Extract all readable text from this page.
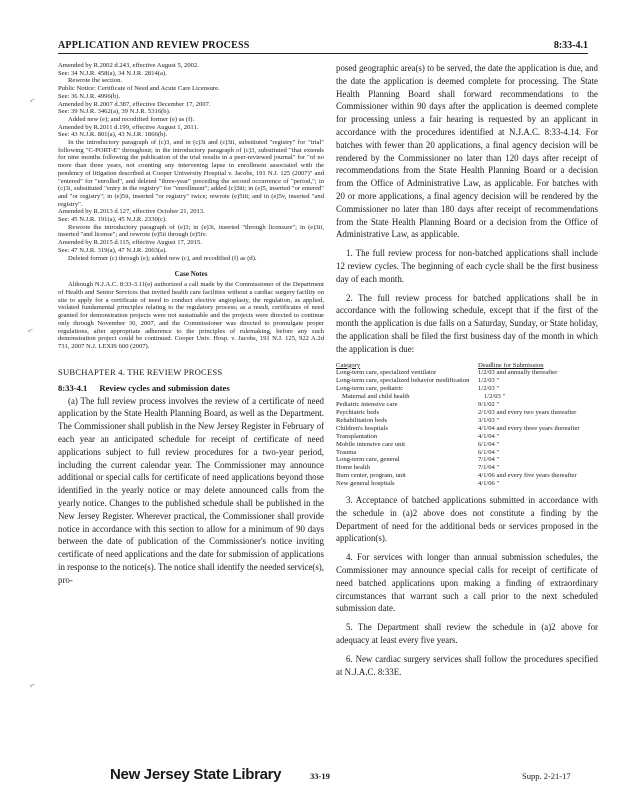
APPLICATION AND REVIEW PROCESS	8:33-4.1
⌐
⌐
⌐

Amended by R.2002 d.243, effective August 5, 2002.

See: 34 N.J.R. 458(a), 34 N.J.R. 2814(a).

Rewrote the section.

Public Notice: Certificate of Need and Acute Care Licensure.

See: 36 N.J.R. 4996(b).

Amended by R.2007 d.387, effective December 17, 2007.

See: 39 N.J.R. 3462(a), 39 N.J.R. 5316(b).

Added new (e); and recodified former (e) as (f).

Amended by R.2011 d.199, effective August 1, 2011.

See: 43 N.J.R. 801(a), 43 N.J.R. 1866(b).

In the introductory paragraph of (c)3, and in (c)3i and (c)3ii, substituted "registry" for "trial" following "C-PORT-E" throughout; in the introductory paragraph of (c)3, substituted "that extends for nine months following the publication of the trial results in a peer-reviewed journal" for "of no more than three years, not counting any intervening lapse in enrollment associated with the pendency of litigation described at Cooper University Hospital v. Jacobs, 191 N.J. 125 (2007)" and "entered" for "enrolled", and deleted "three-year" preceding the second occurrence of "period,"; in (c)3i, substituted "entry in the registry" for "enrollment"; added (c)3iii; in (e)5, inserted "or entered" and "or registry"; in (e)5ii, inserted "or registry" twice; rewrote (e)5iii; and in (e)5v, inserted "and registry".

Amended by R.2013 d.127, effective October 21, 2013.

See: 45 N.J.R. 191(a), 45 N.J.R. 2330(c).

Rewrote the introductory paragraph of (e)3; in (e)3i, inserted "through licensure"; in (e)3ii, inserted "and license"; and rewrote (e)5ii through (e)5iv.

Amended by R.2015 d.115, effective August 17, 2015.

See: 47 N.J.R. 319(a), 47 N.J.R. 2063(a).

Deleted former (c) through (e); added new (c), and recodified (f) as (d).

Case Notes

Although N.J.A.C. 8:33-3.11(e) authorized a call made by the Commissioner of the Department of Health and Senior Services that invited health care facilities without a cardiac surgery facility on site to apply for a certificate of need to conduct elective angioplasty, the regulation, as applied, violated fundamental principles relating to the regulatory process; as a result, certificates of need granted for demonstration projects were not sustainable and the projects were directed to continue only through November 30, 2007, and the Commissioner was directed to promulgate proper regulations, after appropriate adherence to the principles of rulemaking, before any such demonstration project could be continued. Cooper Univ. Hosp. v. Jacobs, 191 N.J. 125, 922 A.2d 731, 2007 N.J. LEXIS 600 (2007).

SUBCHAPTER 4. THE REVIEW PROCESS
8:33-4.1 Review cycles and submission dates

(a) The full review process involves the review of a certificate of need application by the State Health Planning Board, as well as the Department. The Commissioner shall publish in the New Jersey Register in February of each year an anticipated schedule for receipt of certificate of need applications subject to full review procedures for a two-year period, including the current calendar year. The Commissioner may announce additional or special calls for certificate of need applications beyond those identified in the yearly notice or may delete announced calls from the yearly notice. Changes to the published schedule shall be published in the New Jersey Register. Wherever practical, the Commissioner shall provide notice in accordance with this section to allow for a minimum of 90 days between the date of publication of the Commissioner's notice inviting certificate of need applications and the date for submission of applications in response to the notice(s). The notice shall identify the needed service(s), pro-

posed geographic area(s) to be served, the date the application is due, and the date the application is deemed complete for processing. The State Health Planning Board shall forward recommendations to the Commissioner within 90 days after the application is deemed complete for processing unless a fair hearing is requested by an applicant in accordance with the procedures identified at N.J.A.C. 8:33-4.14. For batches with fewer than 20 applications, a final agency decision will be rendered by the Commissioner no later than 120 days after receipt of recommendations from the State Health Planning Board or a decision from the Office of Administrative Law, as applicable. For batches with 20 or more applications, a final agency decision will be rendered by the Commissioner no later than 180 days after receipt of recommendations from the State Health Planning Board or a decision from the Office of Administrative Law, as applicable.

1. The full review process for non-batched applications shall include 12 review cycles. The beginning of each cycle shall be the first business day of each month.

2. The full review process for batched applications shall be in accordance with the following schedule, except that if the first of the month the application is due falls on a Saturday, Sunday, or State holiday, the application shall be filed the first business day of the month in which the application is due:

Category	Deadline for Submission
Long-term care, specialized ventilator	1/2/03 and annually thereafter
Long-term care, specialized behavior modification	1/2/03 "
Long-term care, pediatric	1/2/03 "
Maternal and child health	1/2/03 "
Pediatric intensive care	9/1/02 "
Psychiatric beds	2/1/03 and every two years thereafter
Rehabilitation beds	3/1/03 "
Children's hospitals	4/1/04 and every three years thereafter
Transplantation	4/1/04 "
Mobile intensive care unit	6/1/04 "
Trauma	6/1/04 "
Long-term care, general	7/1/04 "
Home health	7/1/04 "
Burn center, program, unit	4/1/06 and every five years thereafter
New general hospitals	4/1/06 "

3. Acceptance of batched applications submitted in accordance with the schedule in (a)2 above does not constitute a finding by the Department of need for the additional beds or services proposed in the application(s).

4. For services with longer than annual submission schedules, the Commissioner may announce special calls for receipt of certificate of need batched applications upon making a finding of extraordinary circumstances that warrant such a call prior to the next scheduled submission date.

5. The Department shall review the schedule in (a)2 above for adequacy at least every five years.

6. New cardiac surgery services shall follow the procedures specified at N.J.A.C. 8:33E.

New Jersey State Library	33-19	Supp. 2-21-17
